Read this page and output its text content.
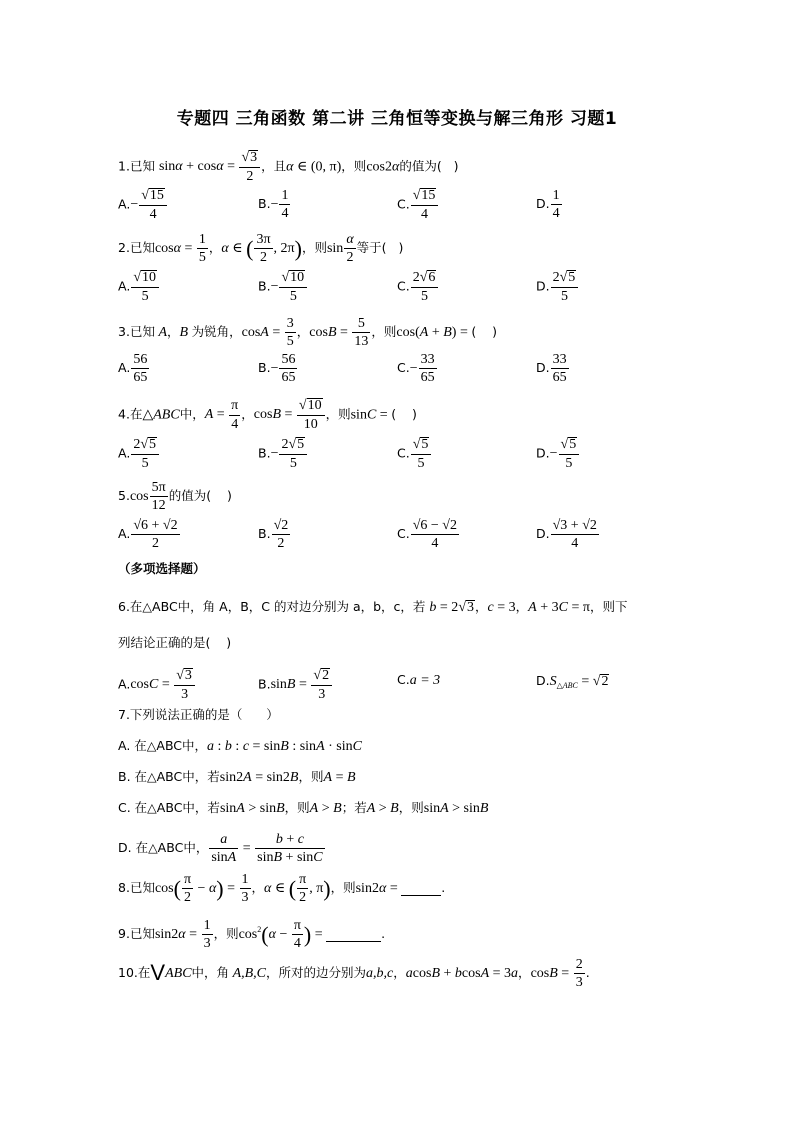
专题四 三角函数 第二讲 三角恒等变换与解三角形 习题1
1.已知 $\sin\alpha + \cos\alpha = \frac{√3}{2}$ ，且α ∈ (0, π)，则cos2α的值为( )
$A.- \frac{√15}{4}$	$B.- \frac{1}{4}$	C. $\frac{√15}{4}$	D. $\frac{1}{4}$
2.已知$\cos\alpha = \frac{1}{5}$ ，α ∈ ( $\frac{3\pi}{2}$ , 2π)，则$\sin \frac{\alpha}{2}$ 等于( )
A. $\frac{√10}{5}$	$B.- \frac{√10}{5}$	C. $\frac{2√6}{5}$	D. $\frac{2√5}{5}$
3.已知 A，B 为锐角，$\cos A = \frac{3}{5}$ ，$\cos B = \frac{5}{13}$ ，则cos(A + B) = ( )
A. $\frac{56}{65}$	$B.- \frac{56}{65}$	$C.- \frac{33}{65}$	D. $\frac{33}{65}$
4.在△ABC中，$A = \frac{\pi}{4}$ ，$\cos B = \frac{√10}{10}$ ，则sinC = ( )
A. $\frac{2√5}{5}$	$B.- \frac{2√5}{5}$	C. $\frac{√5}{5}$	$D.- \frac{√5}{5}$
$5.\cos \frac{5\pi}{12}$ 的值为( )
A. $\frac{√6 + √2}{2}$	B. $\frac{√2}{2}$	C. $\frac{√6 - √2}{4}$	D. $\frac{√3 + √2}{4}$
（多项选择题）
6.在△ABC中，角 A，B，C 的对边分别为 a，b，c，若 b = 2√3，c = 3，A + 3C = π，则下
列结论正确的是( )
$A.\cos C = \frac{√3}{3}$	$B.\sin B = \frac{√2}{3}$	C.a = 3	$D.S_{\triangle ABC} = √2$
7.下列说法正确的是（ ）
A. 在△ABC中，a : b : c = sinB : sinA · sinC
B. 在△ABC中，若sin2A = sin2B，则A = B
C. 在△ABC中，若sinA > sinB，则A > B；若A > B，则sinA > sinB
D. 在△ABC中， $\frac{a}{\sin A} = \frac{b + c}{\sin B + \sin C}$
8.已知$\cos( \frac{\pi}{2} - \alpha) = \frac{1}{3}$ ，α ∈ ( $\frac{\pi}{2}$ , π)，则sin2α =	.
9.已知$\sin 2\alpha = \frac{1}{3}$ ，则$\cos^2(\alpha - \frac{\pi}{4}$ ) =	.
10.在VABC中，角 A,B,C，所对的边分别为a,b,c，acosB + bcosA = 3a，$\cos B = \frac{2}{3}$ .
